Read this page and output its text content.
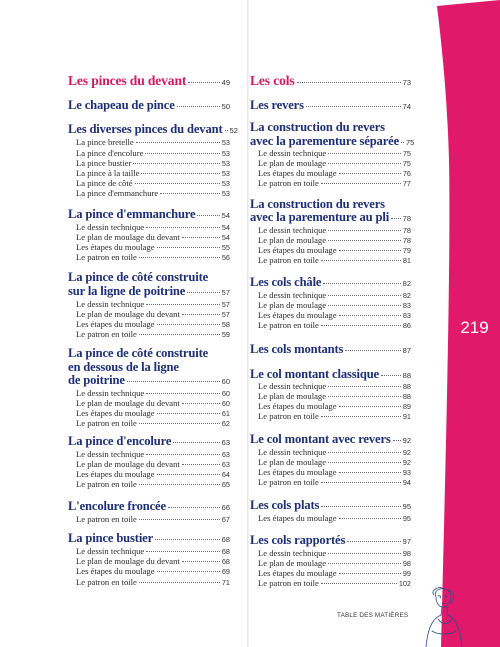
Les pinces du devant	49
Le chapeau de pince	50
Les diverses pinces du devant 52
La pince bretelle	53
La pince d'encolure	53
La pince bustier	53
La pince à la taille	53
La pince de côté	53
La pince d'emmanchure	53
La pince d'emmanchure	54
Le dessin technique	54
Le plan de moulage du devant	54
Les étapes du moulage	55
Le patron en toile	56
La pince de côté construite
sur la ligne de poitrine	57
Le dessin technique	57
Le plan de moulage du devant	57
Les étapes du moulage	58
Le patron en toile	59
La pince de côté construite
en dessous de la ligne
de poitrine	60
Le dessin technique	60
Le plan de moulage du devant	60
Les étapes du moulage	61
Le patron en toile	62
La pince d'encolure	63
Le dessin technique	63
Le plan de moulage du devant	63
Les étapes du moulage	64
Le patron en toile	65
L'encolure froncée	66
Le patron en toile	67
La pince bustier	68
Le dessin technique	68
Le plan de moulage du devant	68
Les étapes du moulage	69
Le patron en toile	71
Les cols	73
Les revers	74
La construction du revers
avec la parementure séparée 75
Le dessin technique	75
Le plan de moulage	75
Les étapes du moulage	76
Le patron en toile	77
La construction du revers
avec la parementure au pli 78
Le dessin technique	78
Le plan de moulage	78
Les étapes du moulage	79
Le patron en toile	81
Les cols châle	82
Le dessin technique	82
Le plan de moulage	83
Les étapes du moulage	83
Le patron en toile	86
Les cols montants	87
Le col montant classique	88
Le dessin technique	88
Le plan de moulage	88
Les étapes du moulage	89
Le patron en toile	91
Le col montant avec revers 92
Le dessin technique	92
Le plan de moulage	92
Les étapes du moulage	93
Le patron en toile	94
Les cols plats	95
Les étapes du moulage	95
Les cols rapportés	97
Le dessin technique	98
Le plan de moulage	98
Les étapes du moulage	99
Le patron en toile	102
219
TABLE DES MATIÈRES
